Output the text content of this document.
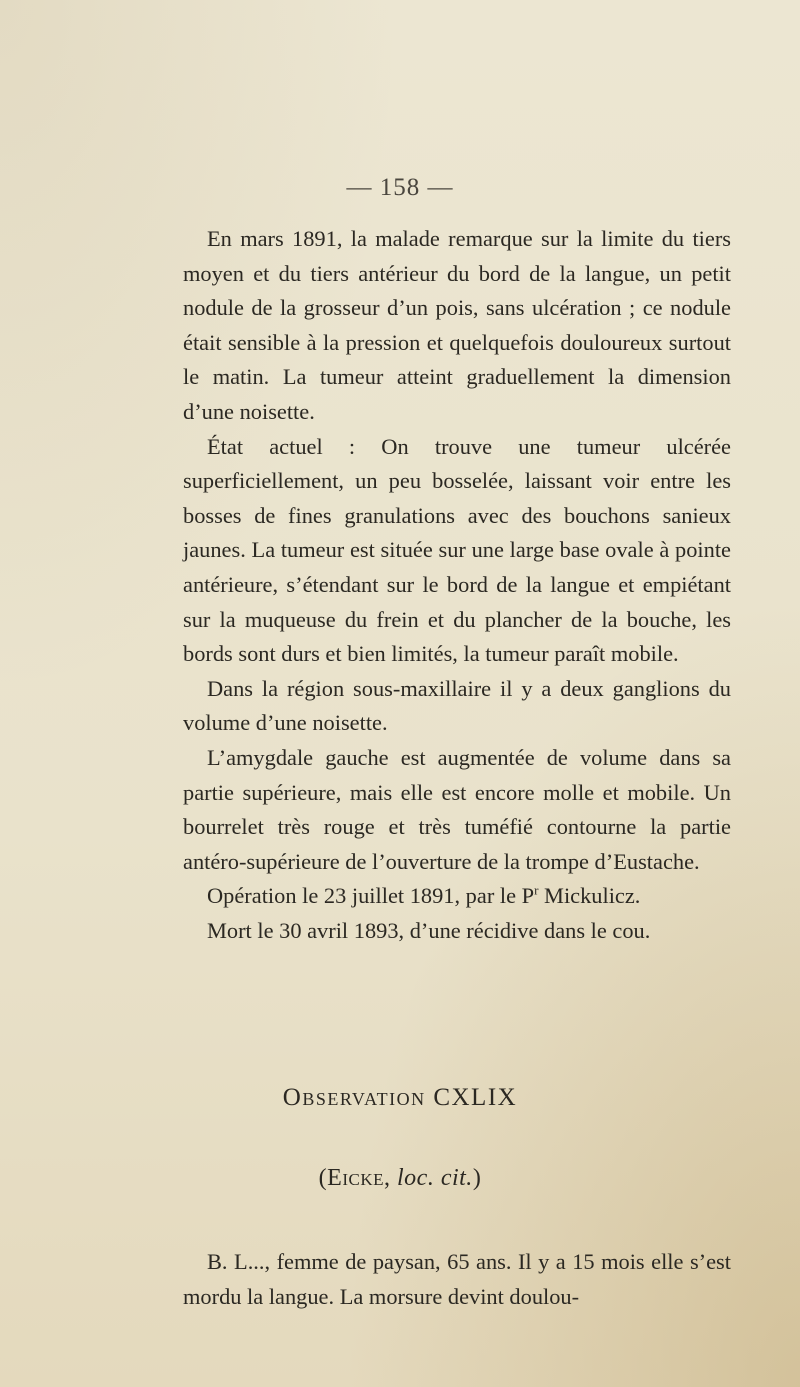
— 158 —

En mars 1891, la malade remarque sur la limite du tiers moyen et du tiers antérieur du bord de la langue, un petit nodule de la grosseur d’un pois, sans ulcération ; ce nodule était sensible à la pression et quelquefois douloureux surtout le matin. La tumeur atteint graduellement la dimension d’une noisette.

État actuel : On trouve une tumeur ulcérée superficiellement, un peu bosselée, laissant voir entre les bosses de fines granulations avec des bouchons sanieux jaunes. La tumeur est située sur une large base ovale à pointe antérieure, s’étendant sur le bord de la langue et empiétant sur la muqueuse du frein et du plancher de la bouche, les bords sont durs et bien limités, la tumeur paraît mobile.

Dans la région sous-maxillaire il y a deux ganglions du volume d’une noisette.

L’amygdale gauche est augmentée de volume dans sa partie supérieure, mais elle est encore molle et mobile. Un bourrelet très rouge et très tuméfié contourne la partie antéro-supérieure de l’ouverture de la trompe d’Eustache.

Opération le 23 juillet 1891, par le $P^r$ Mickulicz.

Mort le 30 avril 1893, d’une récidive dans le cou.

Observation CXLIX

(Eicke, loc. cit.)

B. L..., femme de paysan, 65 ans. Il y a 15 mois elle s’est mordu la langue. La morsure devint doulou-
